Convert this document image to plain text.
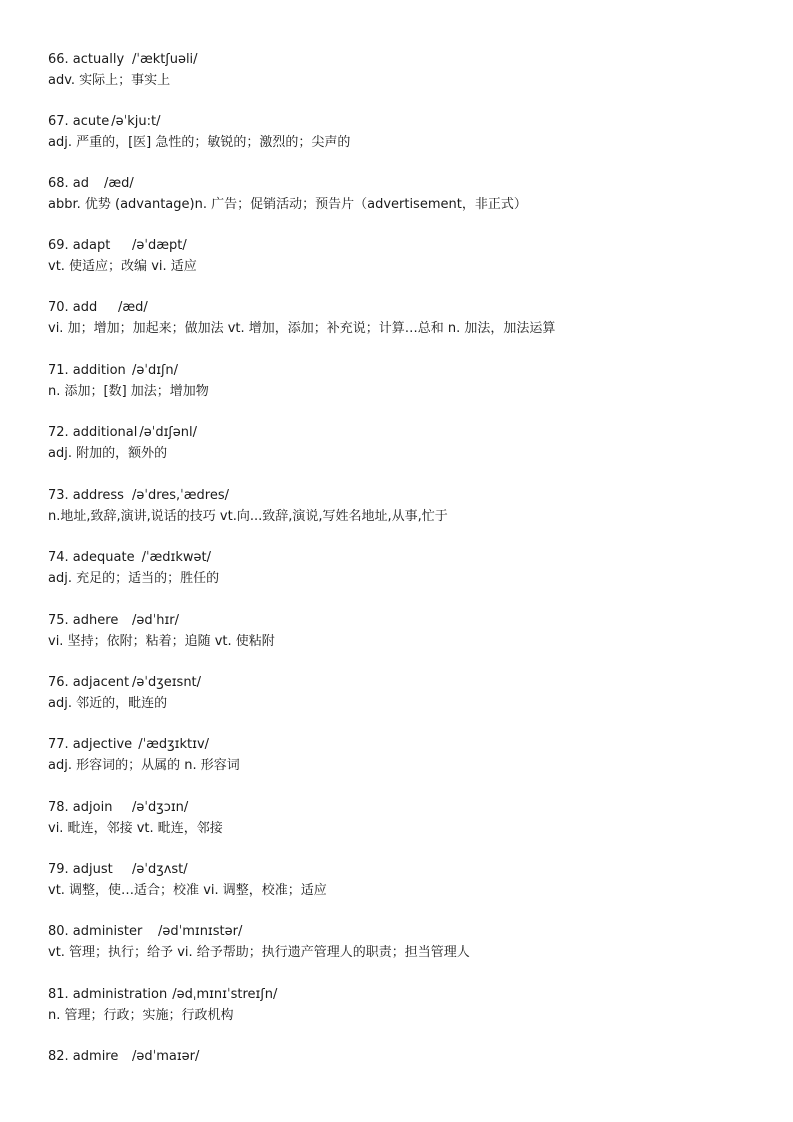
66. actually /ˈæktʃuəli/
adv. 实际上；事实上
67. acute /əˈkju:t/
adj. 严重的，[医] 急性的；敏锐的；激烈的；尖声的
68. ad /æd/
abbr. 优势 (advantage)n. 广告；促销活动；预告片（advertisement，非正式）
69. adapt /əˈdæpt/
vt. 使适应；改编 vi. 适应
70. add /æd/
vi. 加；增加；加起来；做加法 vt. 增加，添加；补充说；计算…总和 n. 加法，加法运算
71. addition /əˈdɪʃn/
n. 添加；[数] 加法；增加物
72. additional /əˈdɪʃənl/
adj. 附加的，额外的
73. address /əˈdres,ˈædres/
n.地址,致辞,演讲,说话的技巧 vt.向...致辞,演说,写姓名地址,从事,忙于
74. adequate /ˈædɪkwət/
adj. 充足的；适当的；胜任的
75. adhere /ədˈhɪr/
vi. 坚持；依附；粘着；追随 vt. 使粘附
76. adjacent /əˈdʒeɪsnt/
adj. 邻近的，毗连的
77. adjective /ˈædʒɪktɪv/
adj. 形容词的；从属的 n. 形容词
78. adjoin /əˈdʒɔɪn/
vi. 毗连，邻接 vt. 毗连，邻接
79. adjust /əˈdʒʌst/
vt. 调整，使…适合；校准 vi. 调整，校准；适应
80. administer /ədˈmɪnɪstər/
vt. 管理；执行；给予 vi. 给予帮助；执行遗产管理人的职责；担当管理人
81. administration /ədˌmɪnɪˈstreɪʃn/
n. 管理；行政；实施；行政机构
82. admire /ədˈmaɪər/
